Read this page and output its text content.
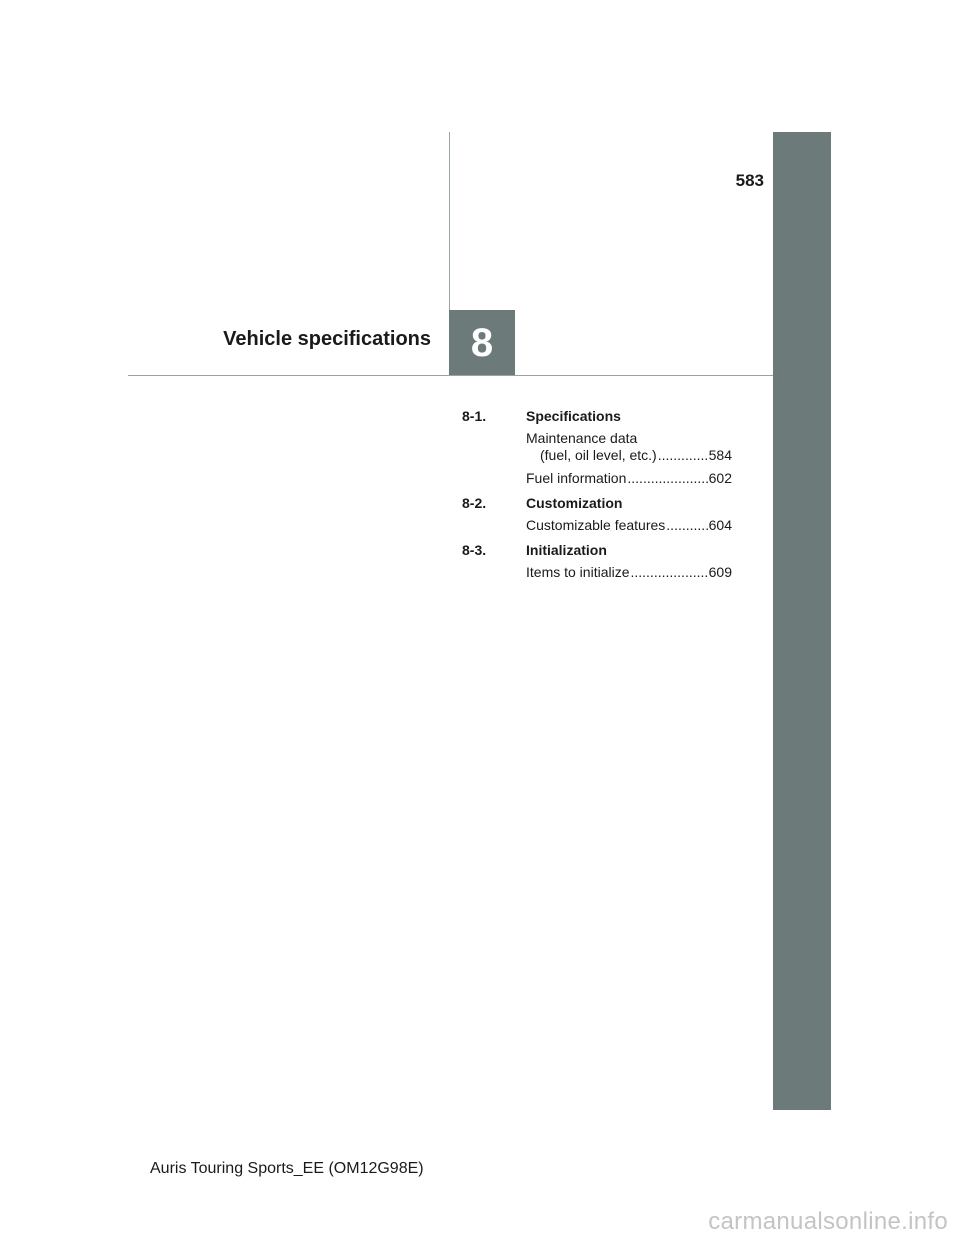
583
8
Vehicle specifications
8-1.	Specifications
Maintenance data
(fuel, oil level, etc.) .....	584
Fuel information .....	602
8-2.	Customization
Customizable features .....	604
8-3.	Initialization
Items to initialize .....	609
Auris Touring Sports_EE (OM12G98E)
carmanualsonline.info
